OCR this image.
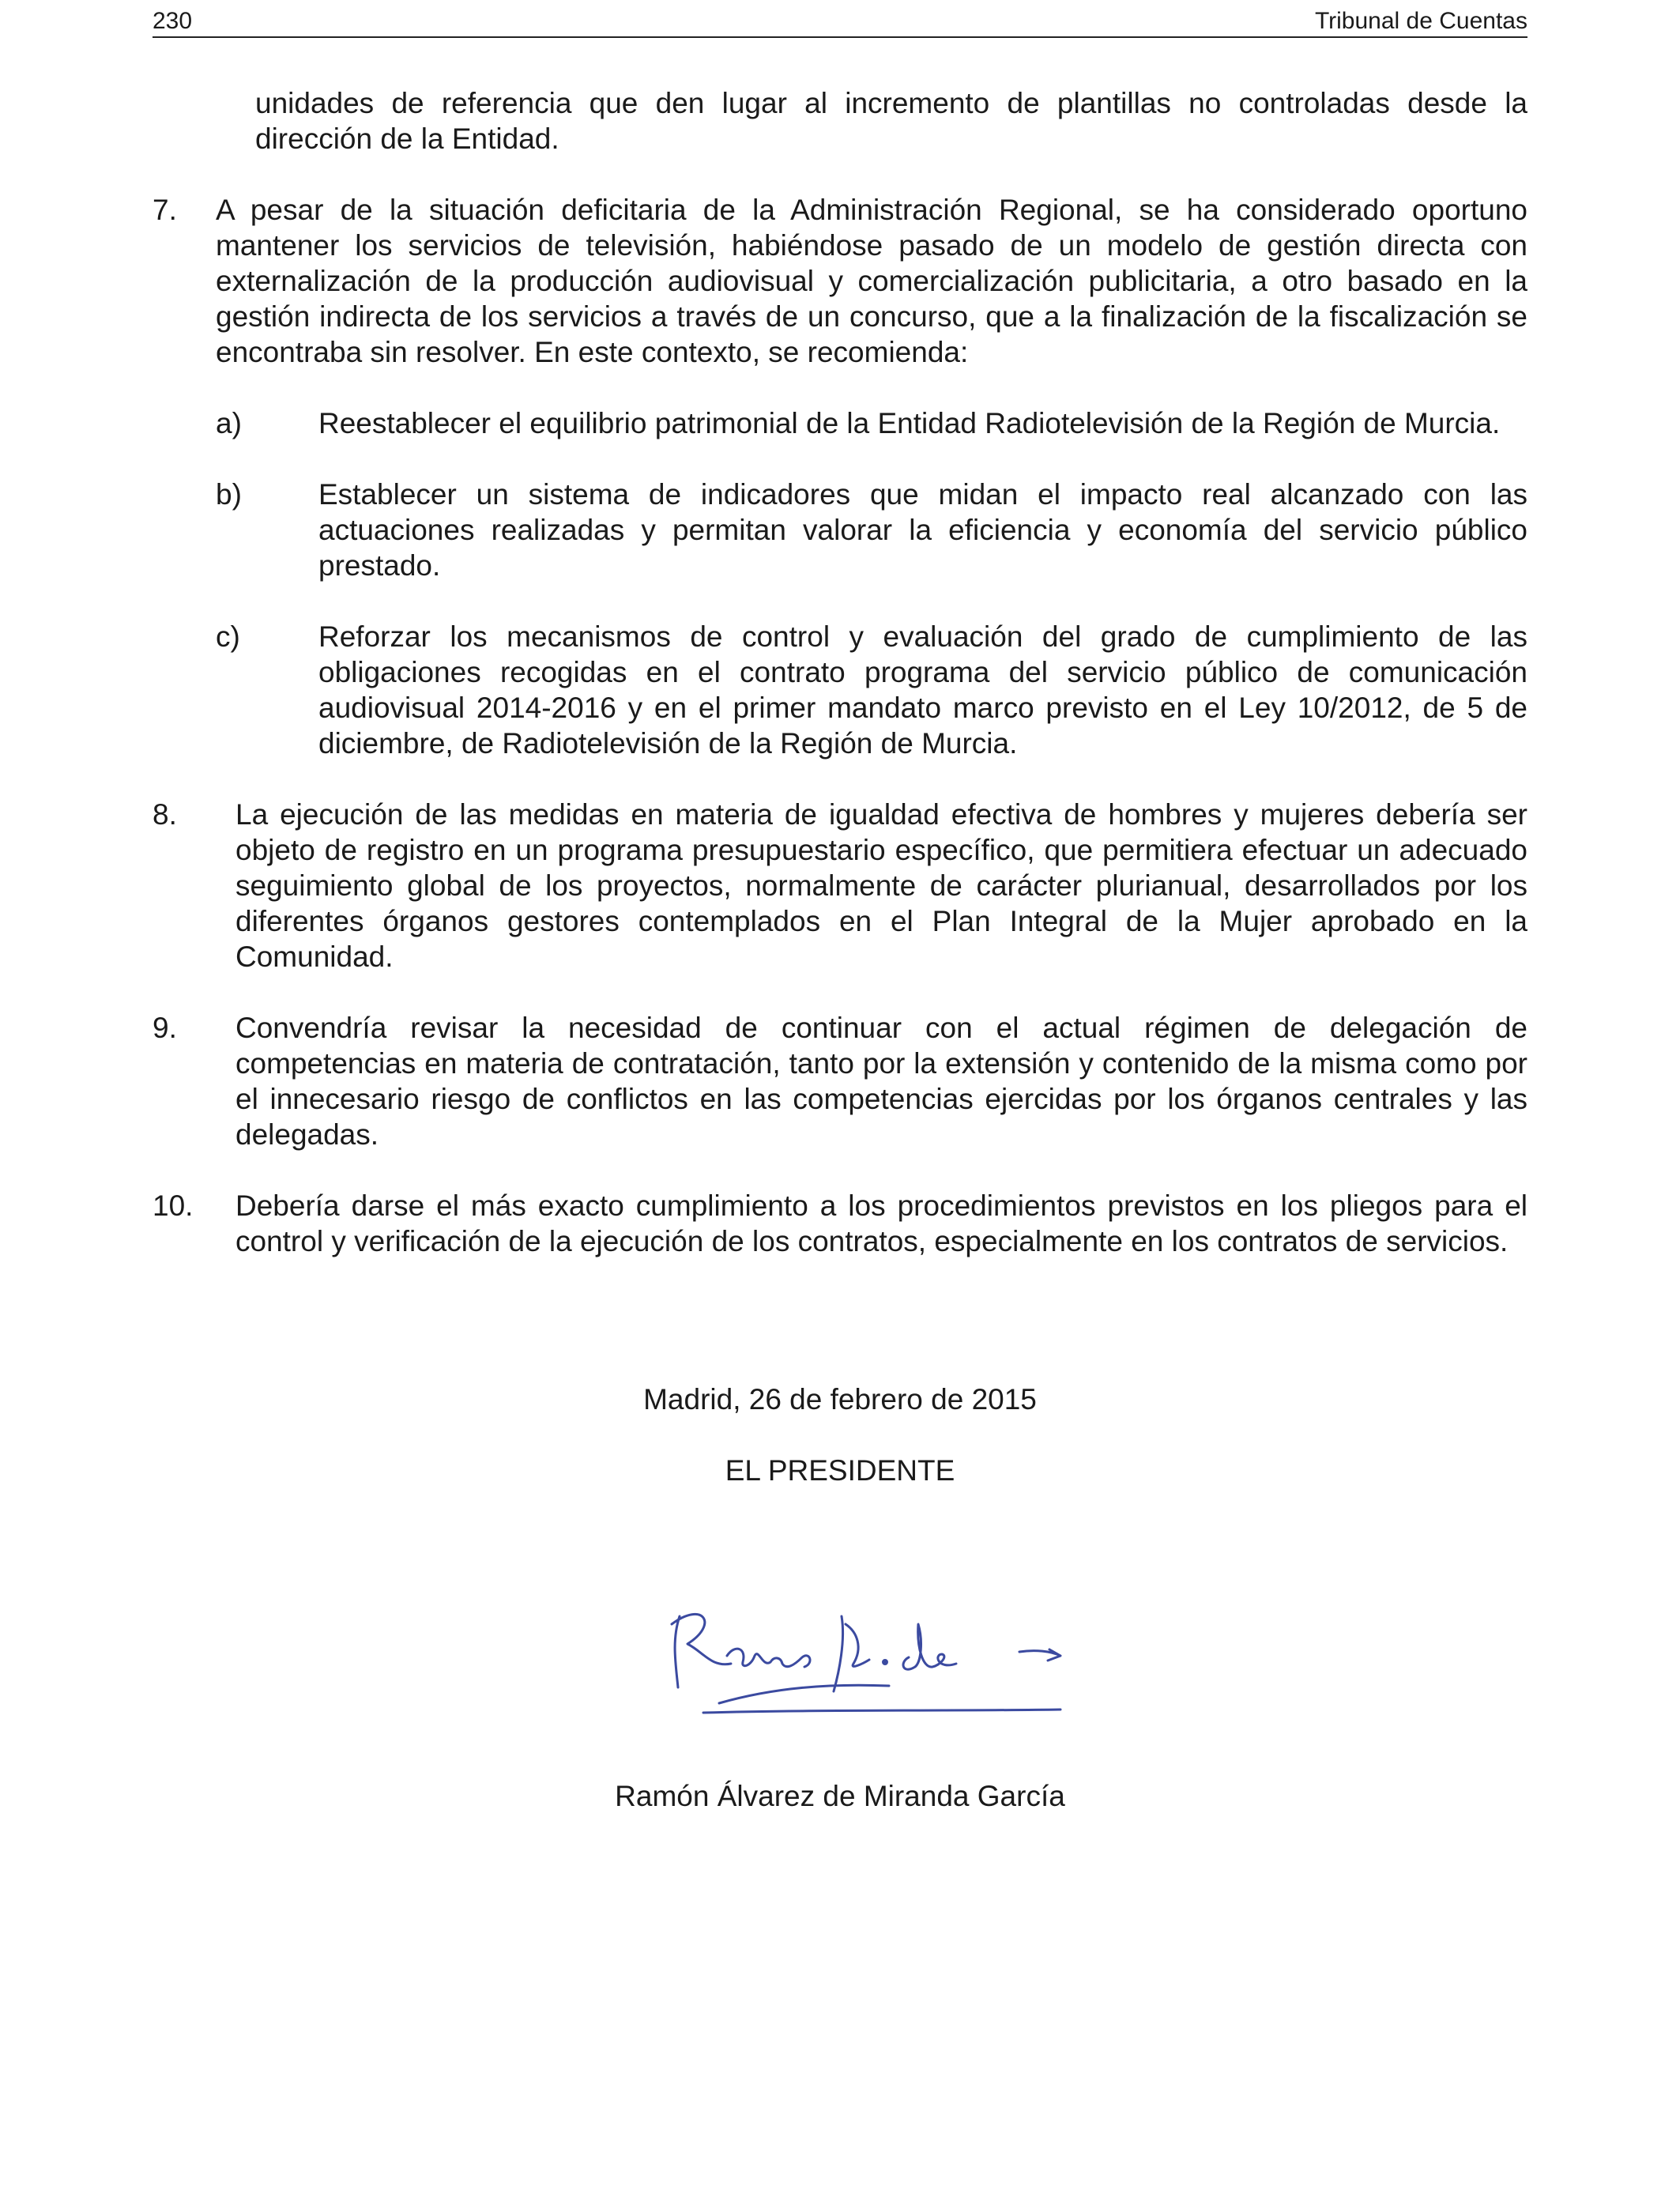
230	Tribunal de Cuentas
unidades de referencia que den lugar al incremento de plantillas no controladas desde la dirección de la Entidad.
7. A pesar de la situación deficitaria de la Administración Regional, se ha considerado oportuno mantener los servicios de televisión, habiéndose pasado de un modelo de gestión directa con externalización de la producción audiovisual y comercialización publicitaria, a otro basado en la gestión indirecta de los servicios a través de un concurso, que a la finalización de la fiscalización se encontraba sin resolver. En este contexto, se recomienda:
a)	Reestablecer el equilibrio patrimonial de la Entidad Radiotelevisión de la Región de Murcia.
b)	Establecer un sistema de indicadores que midan el impacto real alcanzado con las actuaciones realizadas y permitan valorar la eficiencia y economía del servicio público prestado.
c)	Reforzar los mecanismos de control y evaluación del grado de cumplimiento de las obligaciones recogidas en el contrato programa del servicio público de comunicación audiovisual 2014-2016 y en el primer mandato marco previsto en el Ley 10/2012, de 5 de diciembre, de Radiotelevisión de la Región de Murcia.
8. La ejecución de las medidas en materia de igualdad efectiva de hombres y mujeres debería ser objeto de registro en un programa presupuestario específico, que permitiera efectuar un adecuado seguimiento global de los proyectos, normalmente de carácter plurianual, desarrollados por los diferentes órganos gestores contemplados en el Plan Integral de la Mujer aprobado en la Comunidad.
9. Convendría revisar la necesidad de continuar con el actual régimen de delegación de competencias en materia de contratación, tanto por la extensión y contenido de la misma como por el innecesario riesgo de conflictos en las competencias ejercidas por los órganos centrales y las delegadas.
10. Debería darse el más exacto cumplimiento a los procedimientos previstos en los pliegos para el control y verificación de la ejecución de los contratos, especialmente en los contratos de servicios.
Madrid, 26 de febrero de 2015
EL PRESIDENTE
Ramón Álvarez de Miranda García
